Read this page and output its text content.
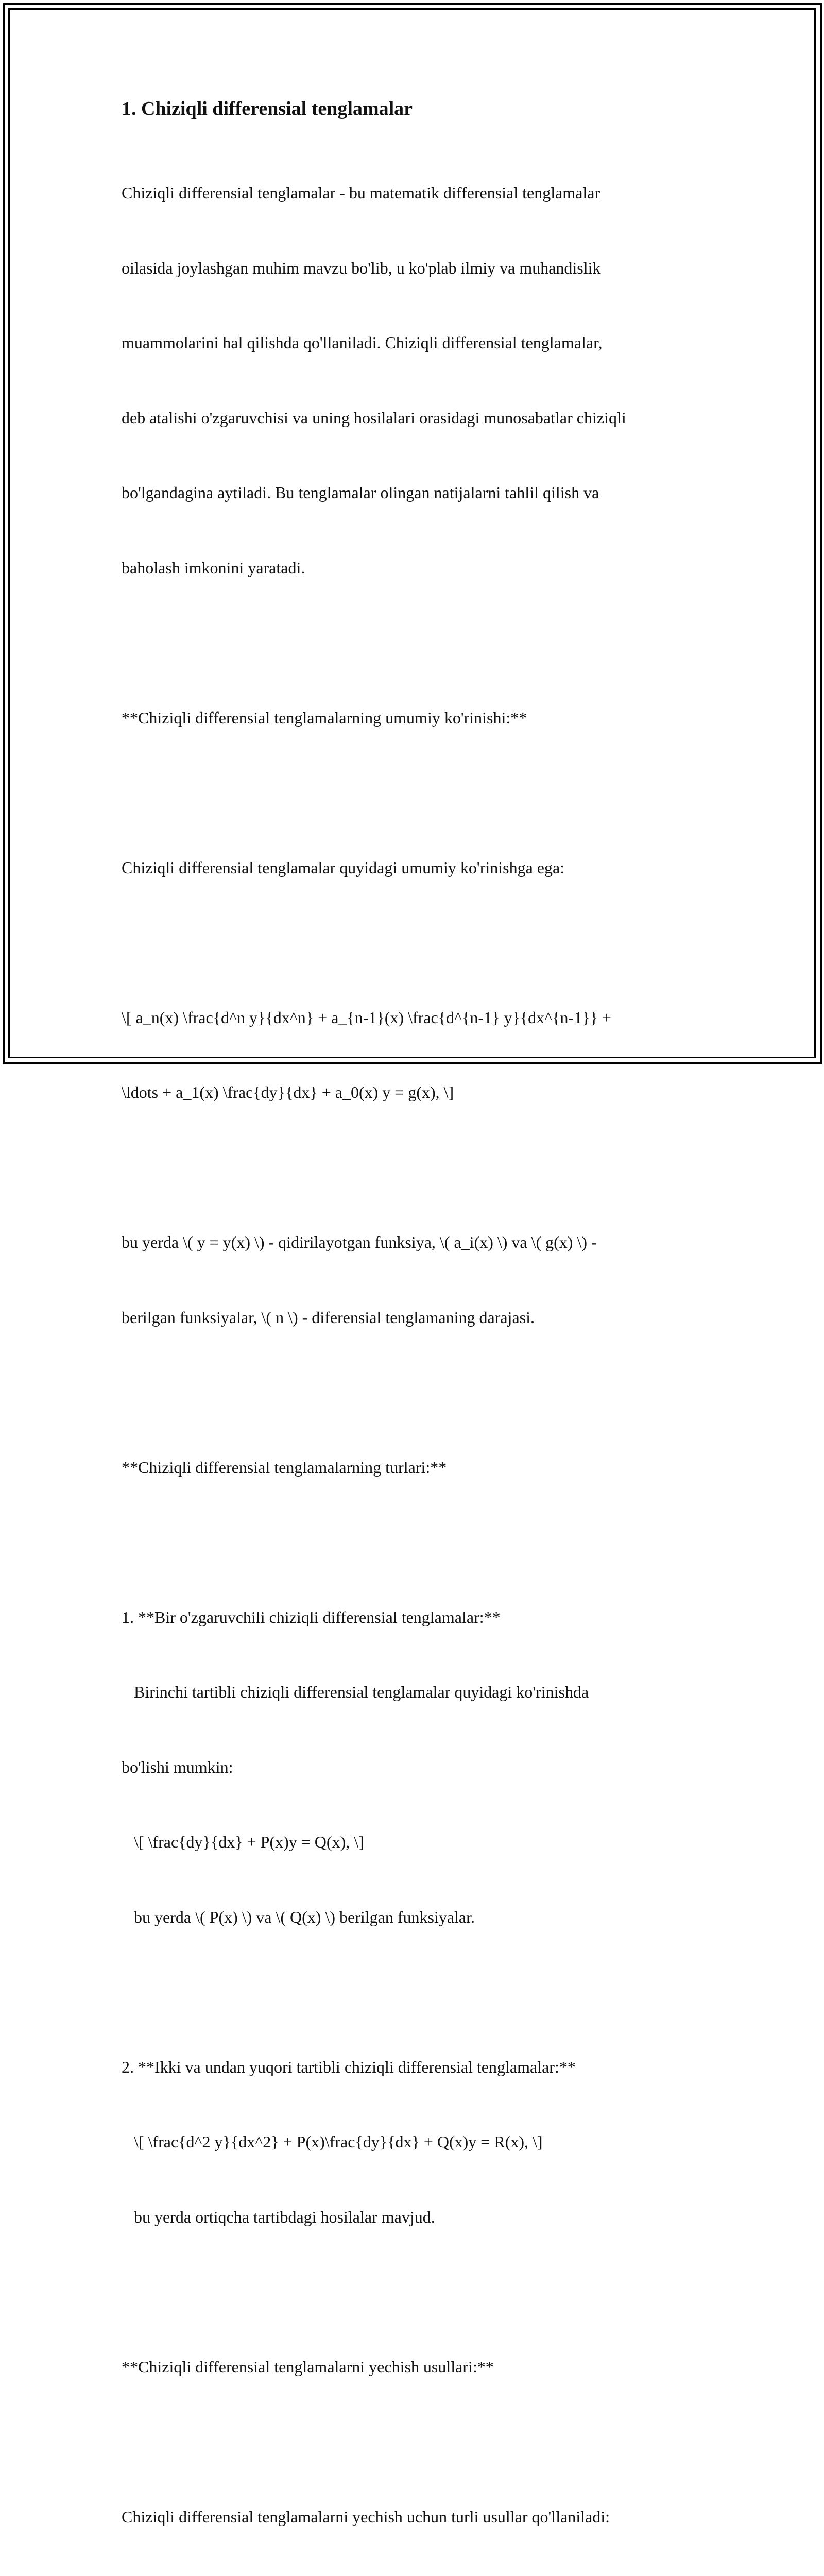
1. Chiziqli differensial tenglamalar

Chiziqli differensial tenglamalar - bu matematik differensial tenglamalar

oilasida joylashgan muhim mavzu bo'lib, u ko'plab ilmiy va muhandislik

muammolarini hal qilishda qo'llaniladi. Chiziqli differensial tenglamalar,

deb atalishi o'zgaruvchisi va uning hosilalari orasidagi munosabatlar chiziqli

bo'lgandagina aytiladi. Bu tenglamalar olingan natijalarni tahlil qilish va

baholash imkonini yaratadi.

**Chiziqli differensial tenglamalarning umumiy ko'rinishi:**

Chiziqli differensial tenglamalar quyidagi umumiy ko'rinishga ega:

\[ a_n(x) \frac{d^n y}{dx^n} + a_{n-1}(x) \frac{d^{n-1} y}{dx^{n-1}} +

\ldots + a_1(x) \frac{dy}{dx} + a_0(x) y = g(x), \]

bu yerda \( y = y(x) \) - qidirilayotgan funksiya, \( a_i(x) \) va \( g(x) \) -

berilgan funksiyalar, \( n \) - diferensial tenglamaning darajasi.

**Chiziqli differensial tenglamalarning turlari:**

1. **Bir o'zgaruvchili chiziqli differensial tenglamalar:**

Birinchi tartibli chiziqli differensial tenglamalar quyidagi ko'rinishda

bo'lishi mumkin:

\[ \frac{dy}{dx} + P(x)y = Q(x), \]

bu yerda \( P(x) \) va \( Q(x) \) berilgan funksiyalar.

2. **Ikki va undan yuqori tartibli chiziqli differensial tenglamalar:**

\[ \frac{d^2 y}{dx^2} + P(x)\frac{dy}{dx} + Q(x)y = R(x), \]

bu yerda ortiqcha tartibdagi hosilalar mavjud.

**Chiziqli differensial tenglamalarni yechish usullari:**

Chiziqli differensial tenglamalarni yechish uchun turli usullar qo'llaniladi:
